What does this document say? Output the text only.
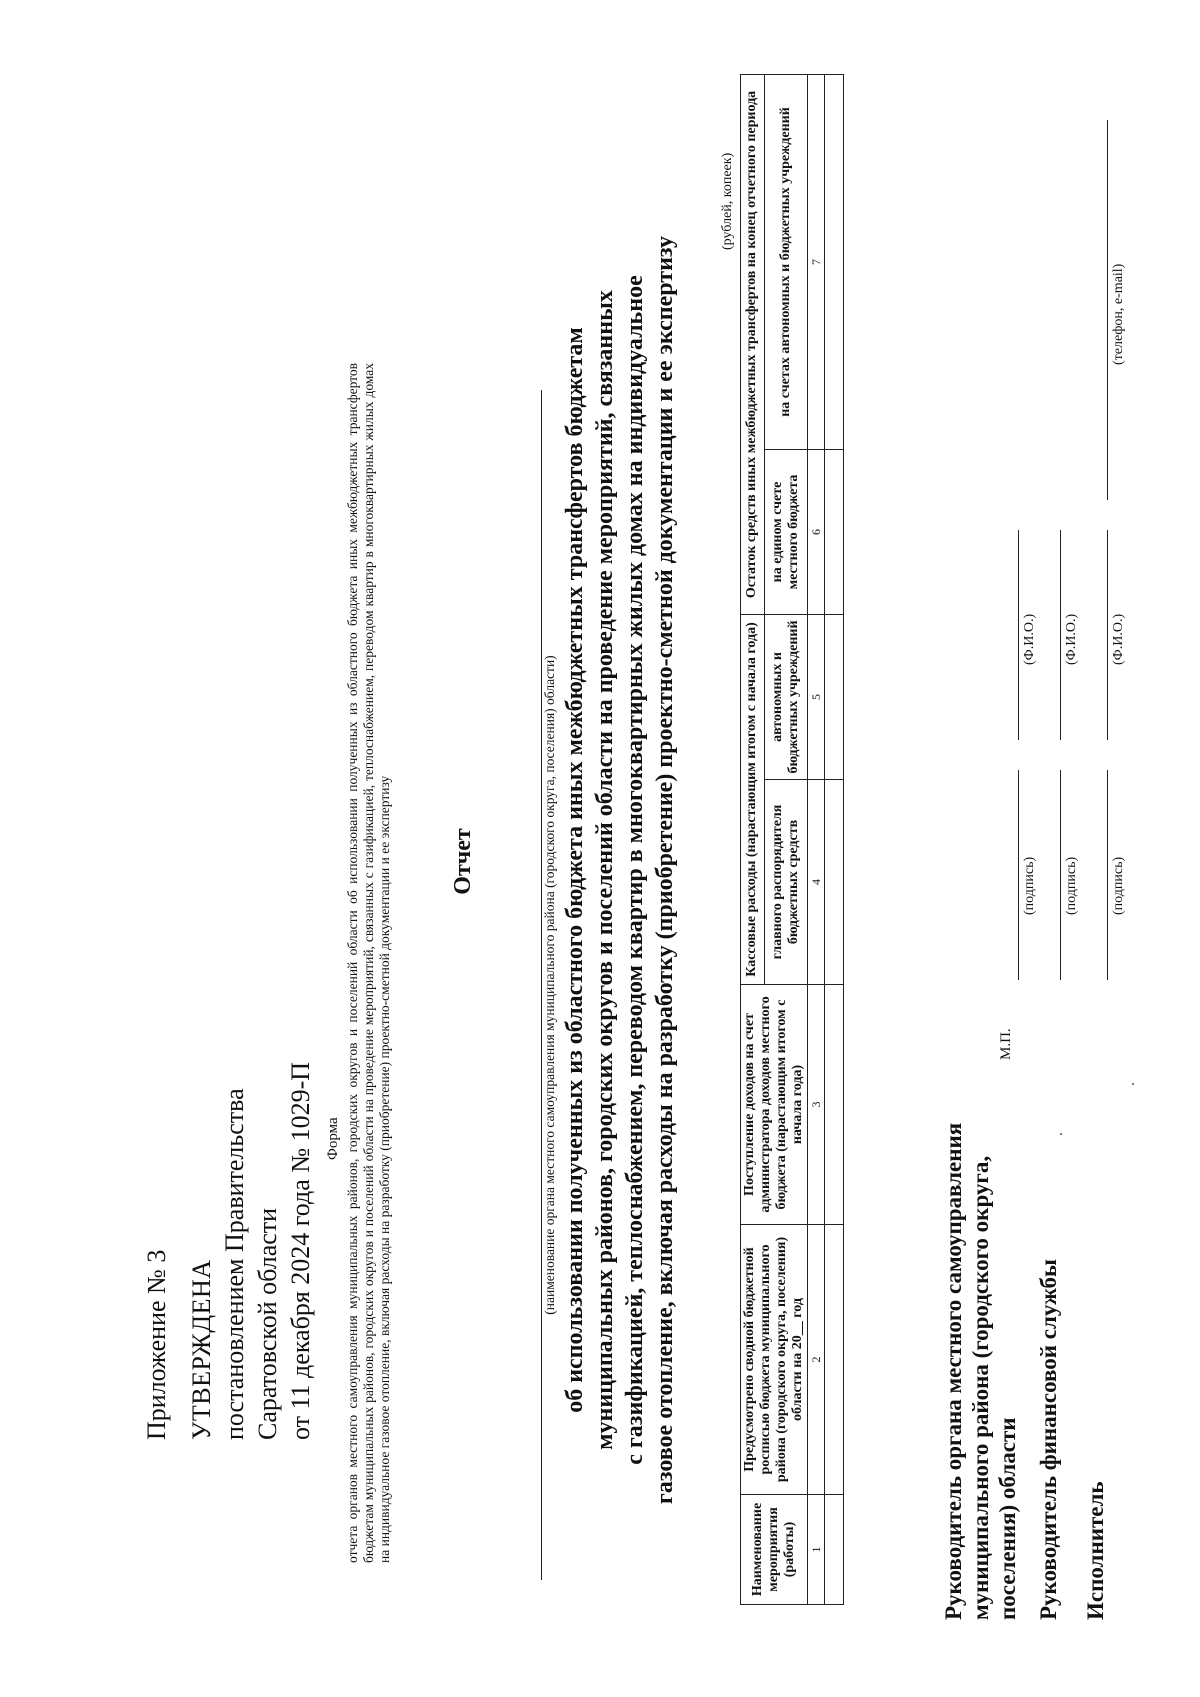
Приложение № 3 УТВЕРЖДЕНА постановлением Правительства Саратовской области от 11 декабря 2024 года № 1029-П Форма отчета органов местного самоуправления муниципальных районов, городских округов и поселений области об использовании полученных из областного бюджета иных межбюджетных трансфертов бюджетам муниципальных районов, городских округов и поселений области на проведение мероприятий, связанных с газификацией, теплоснабжением, переводом квартир в многоквартирных жилых домах на индивидуальное газовое отопление, включая расходы на разработку (приобретение) проектно-сметной документации и ее экспертизу Отчет	(наименование органа местного самоуправления муниципального района (городского округа, поселения) области) об использовании полученных из областного бюджета иных межбюджетных трансфертов бюджетам муниципальных районов, городских округов и поселений области на проведение мероприятий, связанных с газификацией, теплоснабжением, переводом квартир в многоквартирных жилых домах на индивидуальное газовое отопление, включая расходы на разработку (приобретение) проектно-сметной документации и ее экспертизу
(рублей, копеек)
Наименование мероприятия (работы)	Предусмотрено сводной бюджетной росписью бюджета муниципального района (городского округа, поселения) области на 20__ год	Поступление доходов на счет администратора доходов местного бюджета (нарастающим итогом с начала года)	Кассовые расходы (нарастающим итогом с начала года)		Остаток средств иных межбюджетных трансфертов на конец отчетного периода	
			главного распорядителя бюджетных средств	автономных и бюджетных учреждений	на едином счете местного бюджета	на счетах автономных и бюджетных учреждений
1	2	3	4	5	6	7

Руководитель органа местного самоуправления муниципального района (городского округа, поселения) области
М.П.
(подпись)
(Ф.И.О.)
Руководитель финансовой службы
(подпись)
(Ф.И.О.)
Исполнитель
(подпись)
(Ф.И.О.)
(телефон, e-mail)
